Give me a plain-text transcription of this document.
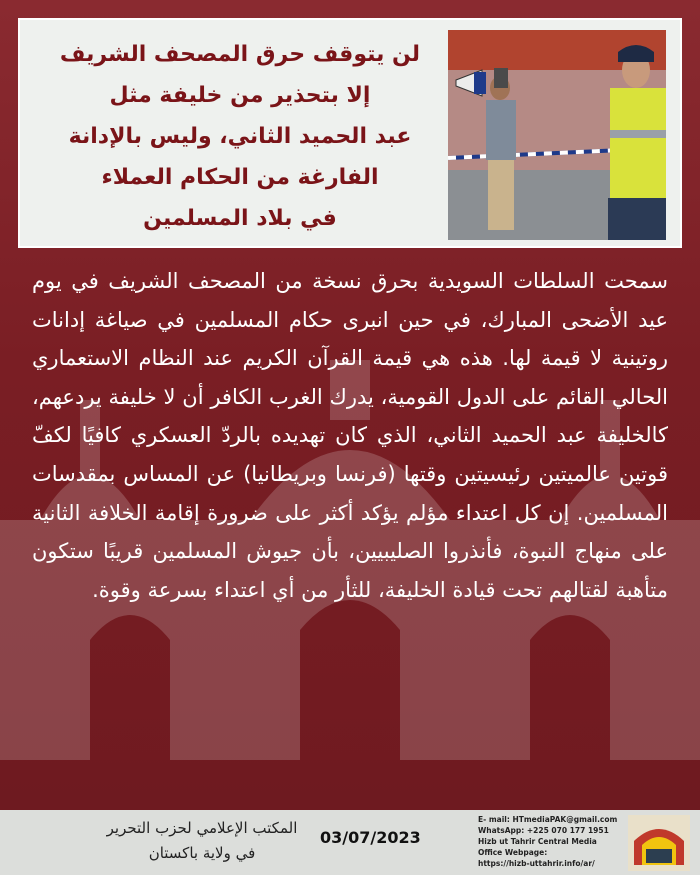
لن يتوقف حرق المصحف الشريف
إلا بتحذير من خليفة مثل
عبد الحميد الثاني، وليس بالإدانة
الفارغة من الحكام العملاء
في بلاد المسلمين
سمحت السلطات السويدية بحرق نسخة من المصحف الشريف في يوم عيد الأضحى المبارك، في حين انبرى حكام المسلمين في صياغة إدانات روتينية لا قيمة لها. هذه هي قيمة القرآن الكريم عند النظام الاستعماري الحالي القائم على الدول القومية، يدرك الغرب الكافر أن لا خليفة يردعهم، كالخليفة عبد الحميد الثاني، الذي كان تهديده بالردّ العسكري كافيًا لكفّ قوتين عالميتين رئيسيتين وقتها (فرنسا وبريطانيا) عن المساس بمقدسات المسلمين. إن كل اعتداء مؤلم يؤكد أكثر على ضرورة إقامة الخلافة الثانية على منهاج النبوة، فأنذروا الصليبيين، بأن جيوش المسلمين قريبًا ستكون متأهبة لقتالهم تحت قيادة الخليفة، للثأر من أي اعتداء بسرعة وقوة.
المكتب الإعلامي لحزب التحرير
في ولاية باكستان
03/07/2023
E- mail: HTmediaPAK@gmail.com
WhatsApp: +225 070 177 1951
Hizb ut Tahrir Central Media Office Webpage:
https://hizb-uttahrir.info/ar/
